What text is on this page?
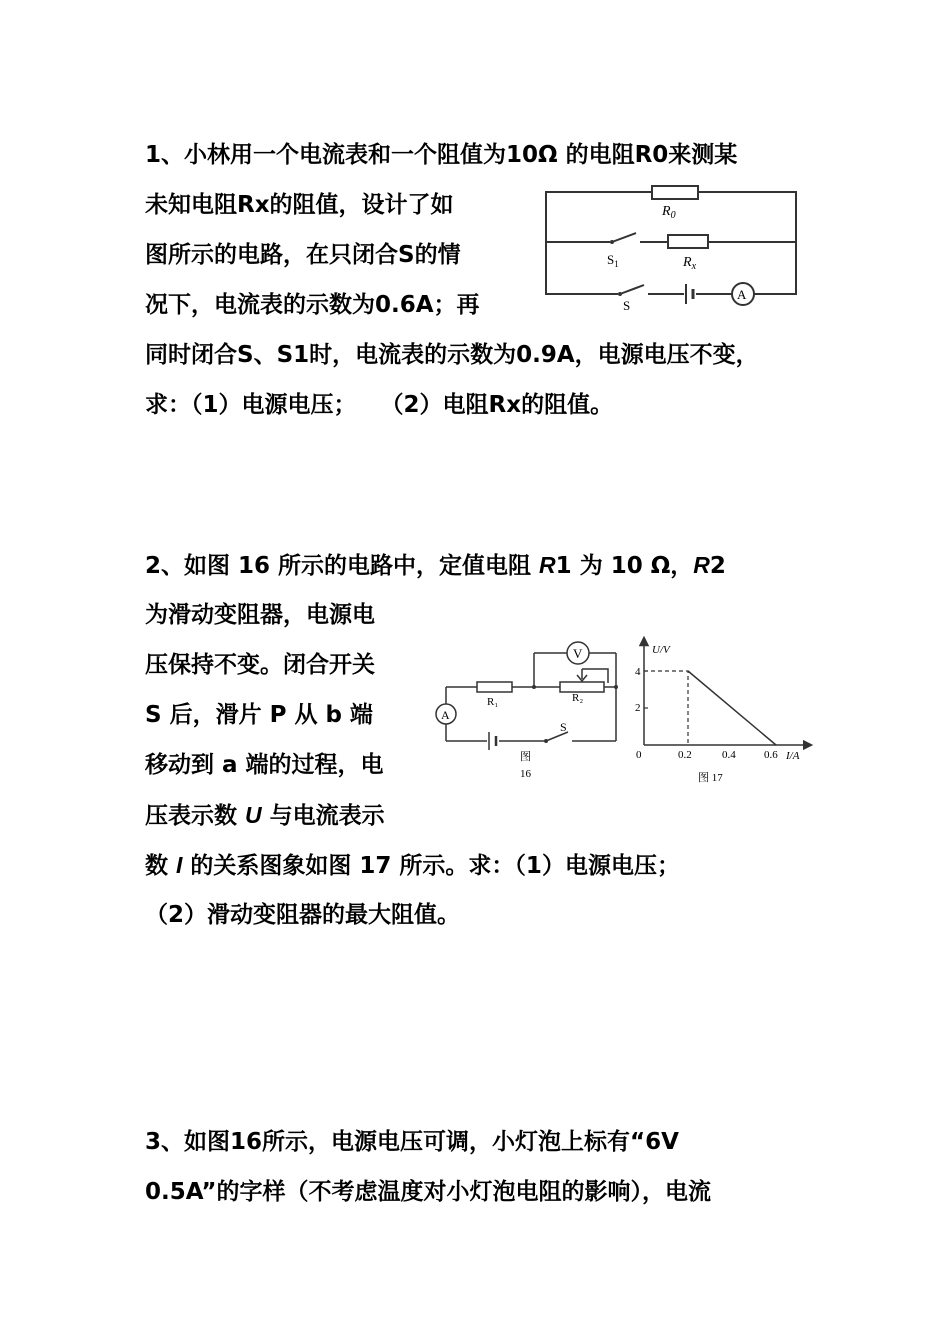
1、小林用一个电流表和一个阻值为10Ω 的电阻R0来测某
未知电阻Rx的阻值，设计了如
图所示的电路，在只闭合S的情
况下，电流表的示数为0.6A；再
同时闭合S、S1时，电流表的示数为0.9A，电源电压不变，
求：（1）电源电压；   （2）电阻Rx的阻值。
$R_0$
$S_1$	$R_x$
S
A
2、如图 16 所示的电路中，定值电阻 R1 为 10 Ω，R2
为滑动变阻器，电源电
压保持不变。闭合开关
S 后，滑片 P 从 b 端
移动到 a 端的过程，电
压表示数 U 与电流表示
数 I 的关系图象如图 17 所示。求：（1）电源电压；
（2）滑动变阻器的最大阻值。
V
R₁	R₂
A
S
图
16
U/V
I/A
0
4
2
0.2	0.4	0.6
图 17
3、如图16所示，电源电压可调，小灯泡上标有“6V
0.5A”的字样（不考虑温度对小灯泡电阻的影响），电流
